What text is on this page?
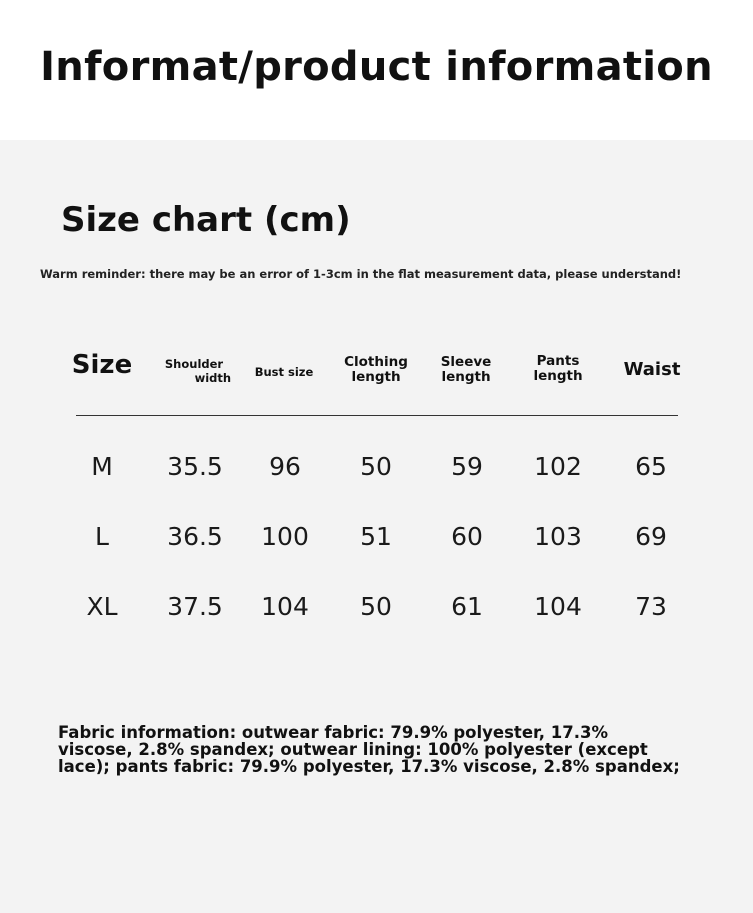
Informat/product information
Size chart (cm)
Warm reminder: there may be an error of 1-3cm in the flat measurement data, please understand!
Size	Shoulder
width Bust size
Clothing
length
Sleeve
length
Pants
length Waist
M 35.5 96 50 59 102 65
L 36.5 100 51 60 103 69
XL 37.5 104 50 61 104 73

Fabric information: outwear fabric: 79.9% polyester, 17.3% viscose, 2.8% spandex; outwear lining: 100% polyester (except lace); pants fabric: 79.9% polyester, 17.3% viscose, 2.8% spandex;
